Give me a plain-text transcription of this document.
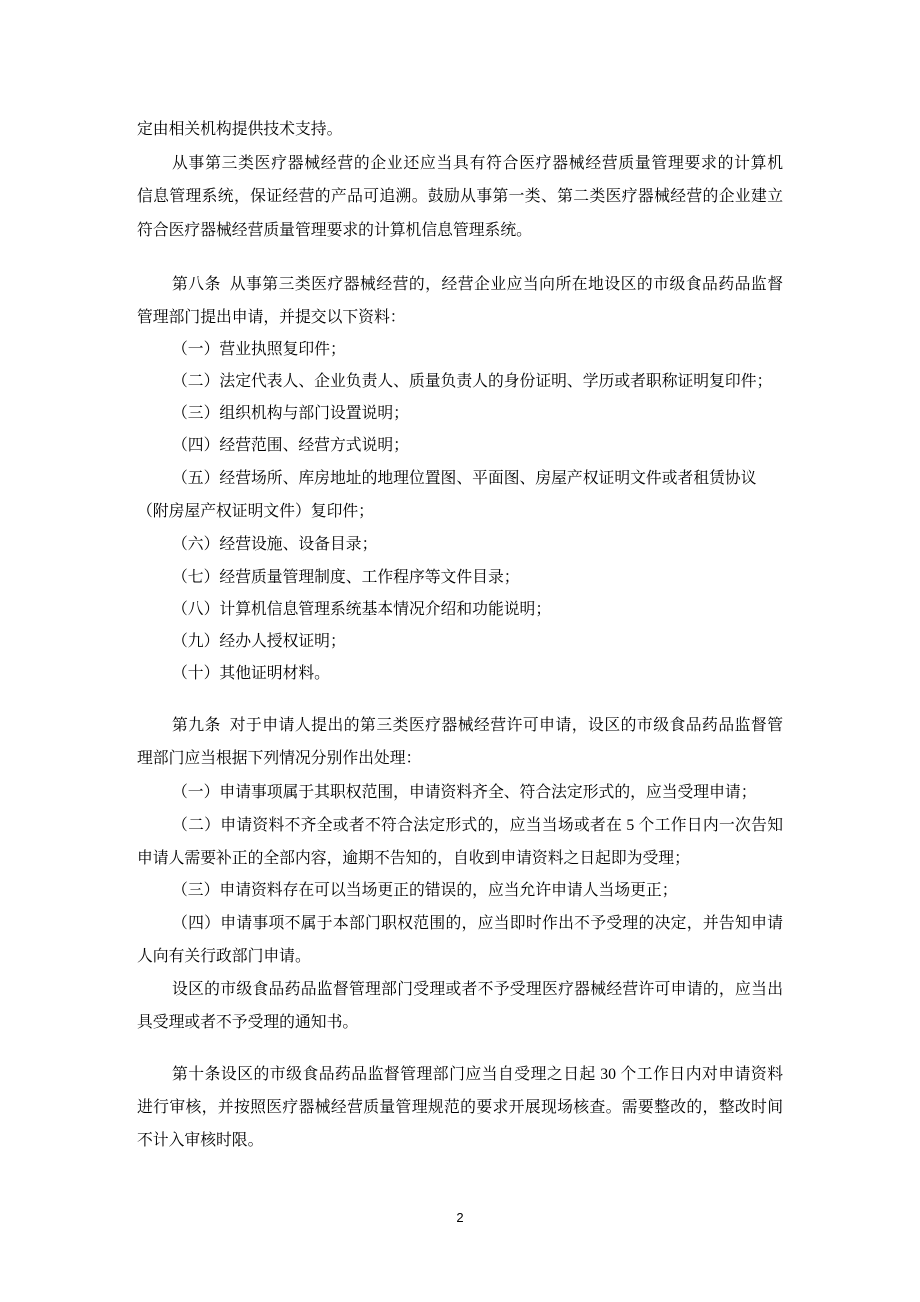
定由相关机构提供技术支持。
从事第三类医疗器械经营的企业还应当具有符合医疗器械经营质量管理要求的计算机
信息管理系统，保证经营的产品可追溯。鼓励从事第一类、第二类医疗器械经营的企业建立
符合医疗器械经营质量管理要求的计算机信息管理系统。
第八条  从事第三类医疗器械经营的，经营企业应当向所在地设区的市级食品药品监督
管理部门提出申请，并提交以下资料：
（一）营业执照复印件；
（二）法定代表人、企业负责人、质量负责人的身份证明、学历或者职称证明复印件；
（三）组织机构与部门设置说明；
（四）经营范围、经营方式说明；
（五）经营场所、库房地址的地理位置图、平面图、房屋产权证明文件或者租赁协议
（附房屋产权证明文件）复印件；
（六）经营设施、设备目录；
（七）经营质量管理制度、工作程序等文件目录；
（八）计算机信息管理系统基本情况介绍和功能说明；
（九）经办人授权证明；
（十）其他证明材料。
第九条  对于申请人提出的第三类医疗器械经营许可申请，设区的市级食品药品监督管
理部门应当根据下列情况分别作出处理：
（一）申请事项属于其职权范围，申请资料齐全、符合法定形式的，应当受理申请；
（二）申请资料不齐全或者不符合法定形式的，应当当场或者在 5 个工作日内一次告知
申请人需要补正的全部内容，逾期不告知的，自收到申请资料之日起即为受理；
（三）申请资料存在可以当场更正的错误的，应当允许申请人当场更正；
（四）申请事项不属于本部门职权范围的，应当即时作出不予受理的决定，并告知申请
人向有关行政部门申请。
设区的市级食品药品监督管理部门受理或者不予受理医疗器械经营许可申请的，应当出
具受理或者不予受理的通知书。
第十条设区的市级食品药品监督管理部门应当自受理之日起 30 个工作日内对申请资料
进行审核，并按照医疗器械经营质量管理规范的要求开展现场核查。需要整改的，整改时间
不计入审核时限。
2
